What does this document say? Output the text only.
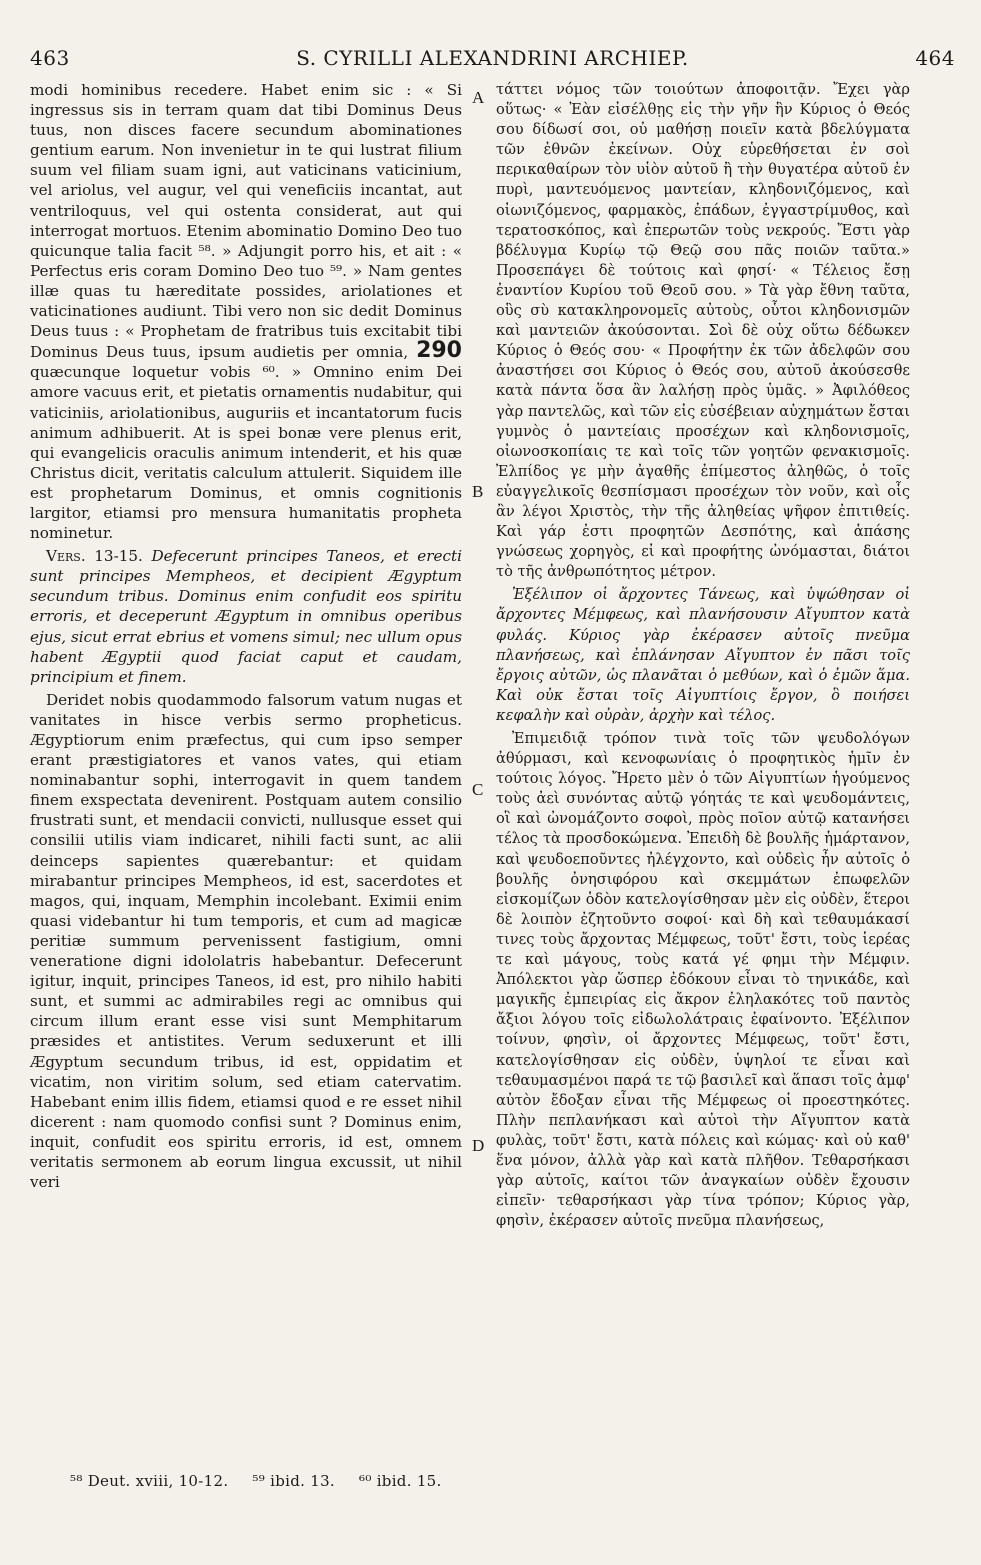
463	S. CYRILLI ALEXANDRINI ARCHIEP.	464

modi hominibus recedere. Habet enim sic : « Si ingressus sis in terram quam dat tibi Dominus Deus tuus, non disces facere secundum abominationes gentium earum. Non invenietur in te qui lustrat filium suum vel filiam suam igni, aut vaticinans vaticinium, vel ariolus, vel augur, vel qui veneficiis incantat, aut ventriloquus, vel qui ostenta considerat, aut qui interrogat mortuos. Etenim abominatio Domino Deo tuo quicunque talia facit ⁵⁸. » Adjungit porro his, et ait : « Perfectus eris coram Domino Deo tuo ⁵⁹. » Nam gentes illæ quas tu hæreditate possides, ariolationes et vaticinationes audiunt. Tibi vero non sic dedit Dominus Deus tuus : « Prophetam de fratribus tuis excitabit tibi Dominus Deus tuus, ipsum audietis per omnia, 290 quæcunque loquetur vobis ⁶⁰. » Omnino enim Dei amore vacuus erit, et pietatis ornamentis nudabitur, qui vaticiniis, ariolationibus, auguriis et incantatorum fucis animum adhibuerit. At is spei bonæ vere plenus erit, qui evangelicis oraculis animum intenderit, et his quæ Christus dicit, veritatis calculum attulerit. Siquidem ille est prophetarum Dominus, et omnis cognitionis largitor, etiamsi pro mensura humanitatis propheta nominetur.

Vers. 13-15. Defecerunt principes Taneos, et erecti sunt principes Mempheos, et decipient Ægyptum secundum tribus. Dominus enim confudit eos spiritu erroris, et deceperunt Ægyptum in omnibus operibus ejus, sicut errat ebrius et vomens simul; nec ullum opus habent Ægyptii quod faciat caput et caudam, principium et finem.

Deridet nobis quodammodo falsorum vatum nugas et vanitates in hisce verbis sermo propheticus. Ægyptiorum enim præfectus, qui cum ipso semper erant præstigiatores et vanos vates, qui etiam nominabantur sophi, interrogavit in quem tandem finem exspectata devenirent. Postquam autem consilio frustrati sunt, et mendacii convicti, nullusque esset qui consilii utilis viam indicaret, nihili facti sunt, ac alii deinceps sapientes quærebantur: et quidam mirabantur principes Mempheos, id est, sacerdotes et magos, qui, inquam, Memphin incolebant. Eximii enim quasi videbantur hi tum temporis, et cum ad magicæ peritiæ summum pervenissent fastigium, omni veneratione digni idololatris habebantur. Defecerunt igitur, inquit, principes Taneos, id est, pro nihilo habiti sunt, et summi ac admirabiles regi ac omnibus qui circum illum erant esse visi sunt Memphitarum præsides et antistites. Verum seduxerunt et illi Ægyptum secundum tribus, id est, oppidatim et vicatim, non viritim solum, sed etiam catervatim. Habebant enim illis fidem, etiamsi quod e re esset nihil dicerent : nam quomodo confisi sunt ? Dominus enim, inquit, confudit eos spiritu erroris, id est, omnem veritatis sermonem ab eorum lingua excussit, ut nihil veri

τάττει νόμος τῶν τοιούτων ἀποφοιτᾷν. Ἔχει γὰρ οὕτως· « Ἐὰν εἰσέλθῃς εἰς τὴν γῆν ἣν Κύριος ὁ Θεός σου δίδωσί σοι, οὐ μαθήσῃ ποιεῖν κατὰ βδελύγματα τῶν ἐθνῶν ἐκείνων. Οὐχ εὑρεθήσεται ἐν σοὶ περικαθαίρων τὸν υἱὸν αὐτοῦ ἢ τὴν θυγατέρα αὐτοῦ ἐν πυρὶ, μαντευόμενος μαντείαν, κληδονιζόμενος, καὶ οἰωνιζόμενος, φαρμακὸς, ἐπάδων, ἐγγαστρίμυθος, καὶ τερατοσκόπος, καὶ ἐπερωτῶν τοὺς νεκρούς. Ἔστι γὰρ βδέλυγμα Κυρίῳ τῷ Θεῷ σου πᾶς ποιῶν ταῦτα.» Προσεπάγει δὲ τούτοις καὶ φησί· « Τέλειος ἔσῃ ἐναντίον Κυρίου τοῦ Θεοῦ σου. » Τὰ γὰρ ἔθνη ταῦτα, οὓς σὺ κατακληρονομεῖς αὐτοὺς, οὗτοι κληδονισμῶν καὶ μαντειῶν ἀκούσονται. Σοὶ δὲ οὐχ οὕτω δέδωκεν Κύριος ὁ Θεός σου· « Προφήτην ἐκ τῶν ἀδελφῶν σου ἀναστήσει σοι Κύριος ὁ Θεός σου, αὐτοῦ ἀκούσεσθε κατὰ πάντα ὅσα ἂν λαλήσῃ πρὸς ὑμᾶς. » Ἀφιλόθεος γὰρ παντελῶς, καὶ τῶν εἰς εὐσέβειαν αὐχημάτων ἔσται γυμνὸς ὁ μαντείαις προσέχων καὶ κληδονισμοῖς, οἰωνοσκοπίαις τε καὶ τοῖς τῶν γοητῶν φενακισμοῖς. Ἐλπίδος γε μὴν ἀγαθῆς ἐπίμεστος ἀληθῶς, ὁ τοῖς εὐαγγελικοῖς θεσπίσμασι προσέχων τὸν νοῦν, καὶ οἷς ἂν λέγοι Χριστὸς, τὴν τῆς ἀληθείας ψῆφον ἐπιτιθείς. Καὶ γάρ ἐστι προφητῶν Δεσπότης, καὶ ἁπάσης γνώσεως χορηγὸς, εἰ καὶ προφήτης ὠνόμασται, διάτοι τὸ τῆς ἀνθρωπότητος μέτρον.

Ἐξέλιπον οἱ ἄρχοντες Τάνεως, καὶ ὑψώθησαν οἱ ἄρχοντες Μέμφεως, καὶ πλανήσουσιν Αἴγυπτον κατὰ φυλάς. Κύριος γὰρ ἐκέρασεν αὐτοῖς πνεῦμα πλανήσεως, καὶ ἐπλάνησαν Αἴγυπτον ἐν πᾶσι τοῖς ἔργοις αὐτῶν, ὡς πλανᾶται ὁ μεθύων, καὶ ὁ ἐμῶν ἅμα. Καὶ οὐκ ἔσται τοῖς Αἰγυπτίοις ἔργον, ὃ ποιήσει κεφαλὴν καὶ οὐρὰν, ἀρχὴν καὶ τέλος.

Ἐπιμειδιᾷ τρόπον τινὰ τοῖς τῶν ψευδολόγων ἀθύρμασι, καὶ κενοφωνίαις ὁ προφητικὸς ἡμῖν ἐν τούτοις λόγος. Ἤρετο μὲν ὁ τῶν Αἰγυπτίων ἡγούμενος τοὺς ἀεὶ συνόντας αὐτῷ γόητάς τε καὶ ψευδομάντεις, οἳ καὶ ὠνομάζοντο σοφοὶ, πρὸς ποῖον αὐτῷ κατανήσει τέλος τὰ προσδοκώμενα. Ἐπειδὴ δὲ βουλῆς ἡμάρτανον, καὶ ψευδοεποῦντες ἠλέγχοντο, καὶ οὐδεὶς ἦν αὐτοῖς ὁ βουλῆς ὀνησιφόρου καὶ σκεμμάτων ἐπωφελῶν εἰσκομίζων ὁδὸν κατελογίσθησαν μὲν εἰς οὐδὲν, ἕτεροι δὲ λοιπὸν ἐζητοῦντο σοφοί· καὶ δὴ καὶ τεθαυμάκασί τινες τοὺς ἄρχοντας Μέμφεως, τοῦτ' ἔστι, τοὺς ἱερέας τε καὶ μάγους, τοὺς κατά γέ φημι τὴν Μέμφιν. Ἀπόλεκτοι γὰρ ὥσπερ ἐδόκουν εἶναι τὸ τηνικάδε, καὶ μαγικῆς ἐμπειρίας εἰς ἄκρον ἐληλακότες τοῦ παντὸς ἄξιοι λόγου τοῖς εἰδωλολάτραις ἐφαίνοντο. Ἐξέλιπον τοίνυν, φησὶν, οἱ ἄρχοντες Μέμφεως, τοῦτ' ἔστι, κατελογίσθησαν εἰς οὐδὲν, ὑψηλοί τε εἶναι καὶ τεθαυμασμένοι παρά τε τῷ βασιλεῖ καὶ ἅπασι τοῖς ἀμφ' αὐτὸν ἔδοξαν εἶναι τῆς Μέμφεως οἱ προεστηκότες. Πλὴν πεπλανήκασι καὶ αὐτοὶ τὴν Αἴγυπτον κατὰ φυλὰς, τοῦτ' ἔστι, κατὰ πόλεις καὶ κώμας· καὶ οὐ καθ' ἕνα μόνον, ἀλλὰ γὰρ καὶ κατὰ πλῆθον. Τεθαρσήκασι γὰρ αὐτοῖς, καίτοι τῶν ἀναγκαίων οὐδὲν ἔχουσιν εἰπεῖν· τεθαρσήκασι γὰρ τίνα τρόπον; Κύριος γὰρ, φησὶν, ἐκέρασεν αὐτοῖς πνεῦμα πλανήσεως,

A
B
C
D
⁵⁸ Deut. xviii, 10-12. ⁵⁹ ibid. 13. ⁶⁰ ibid. 15.
